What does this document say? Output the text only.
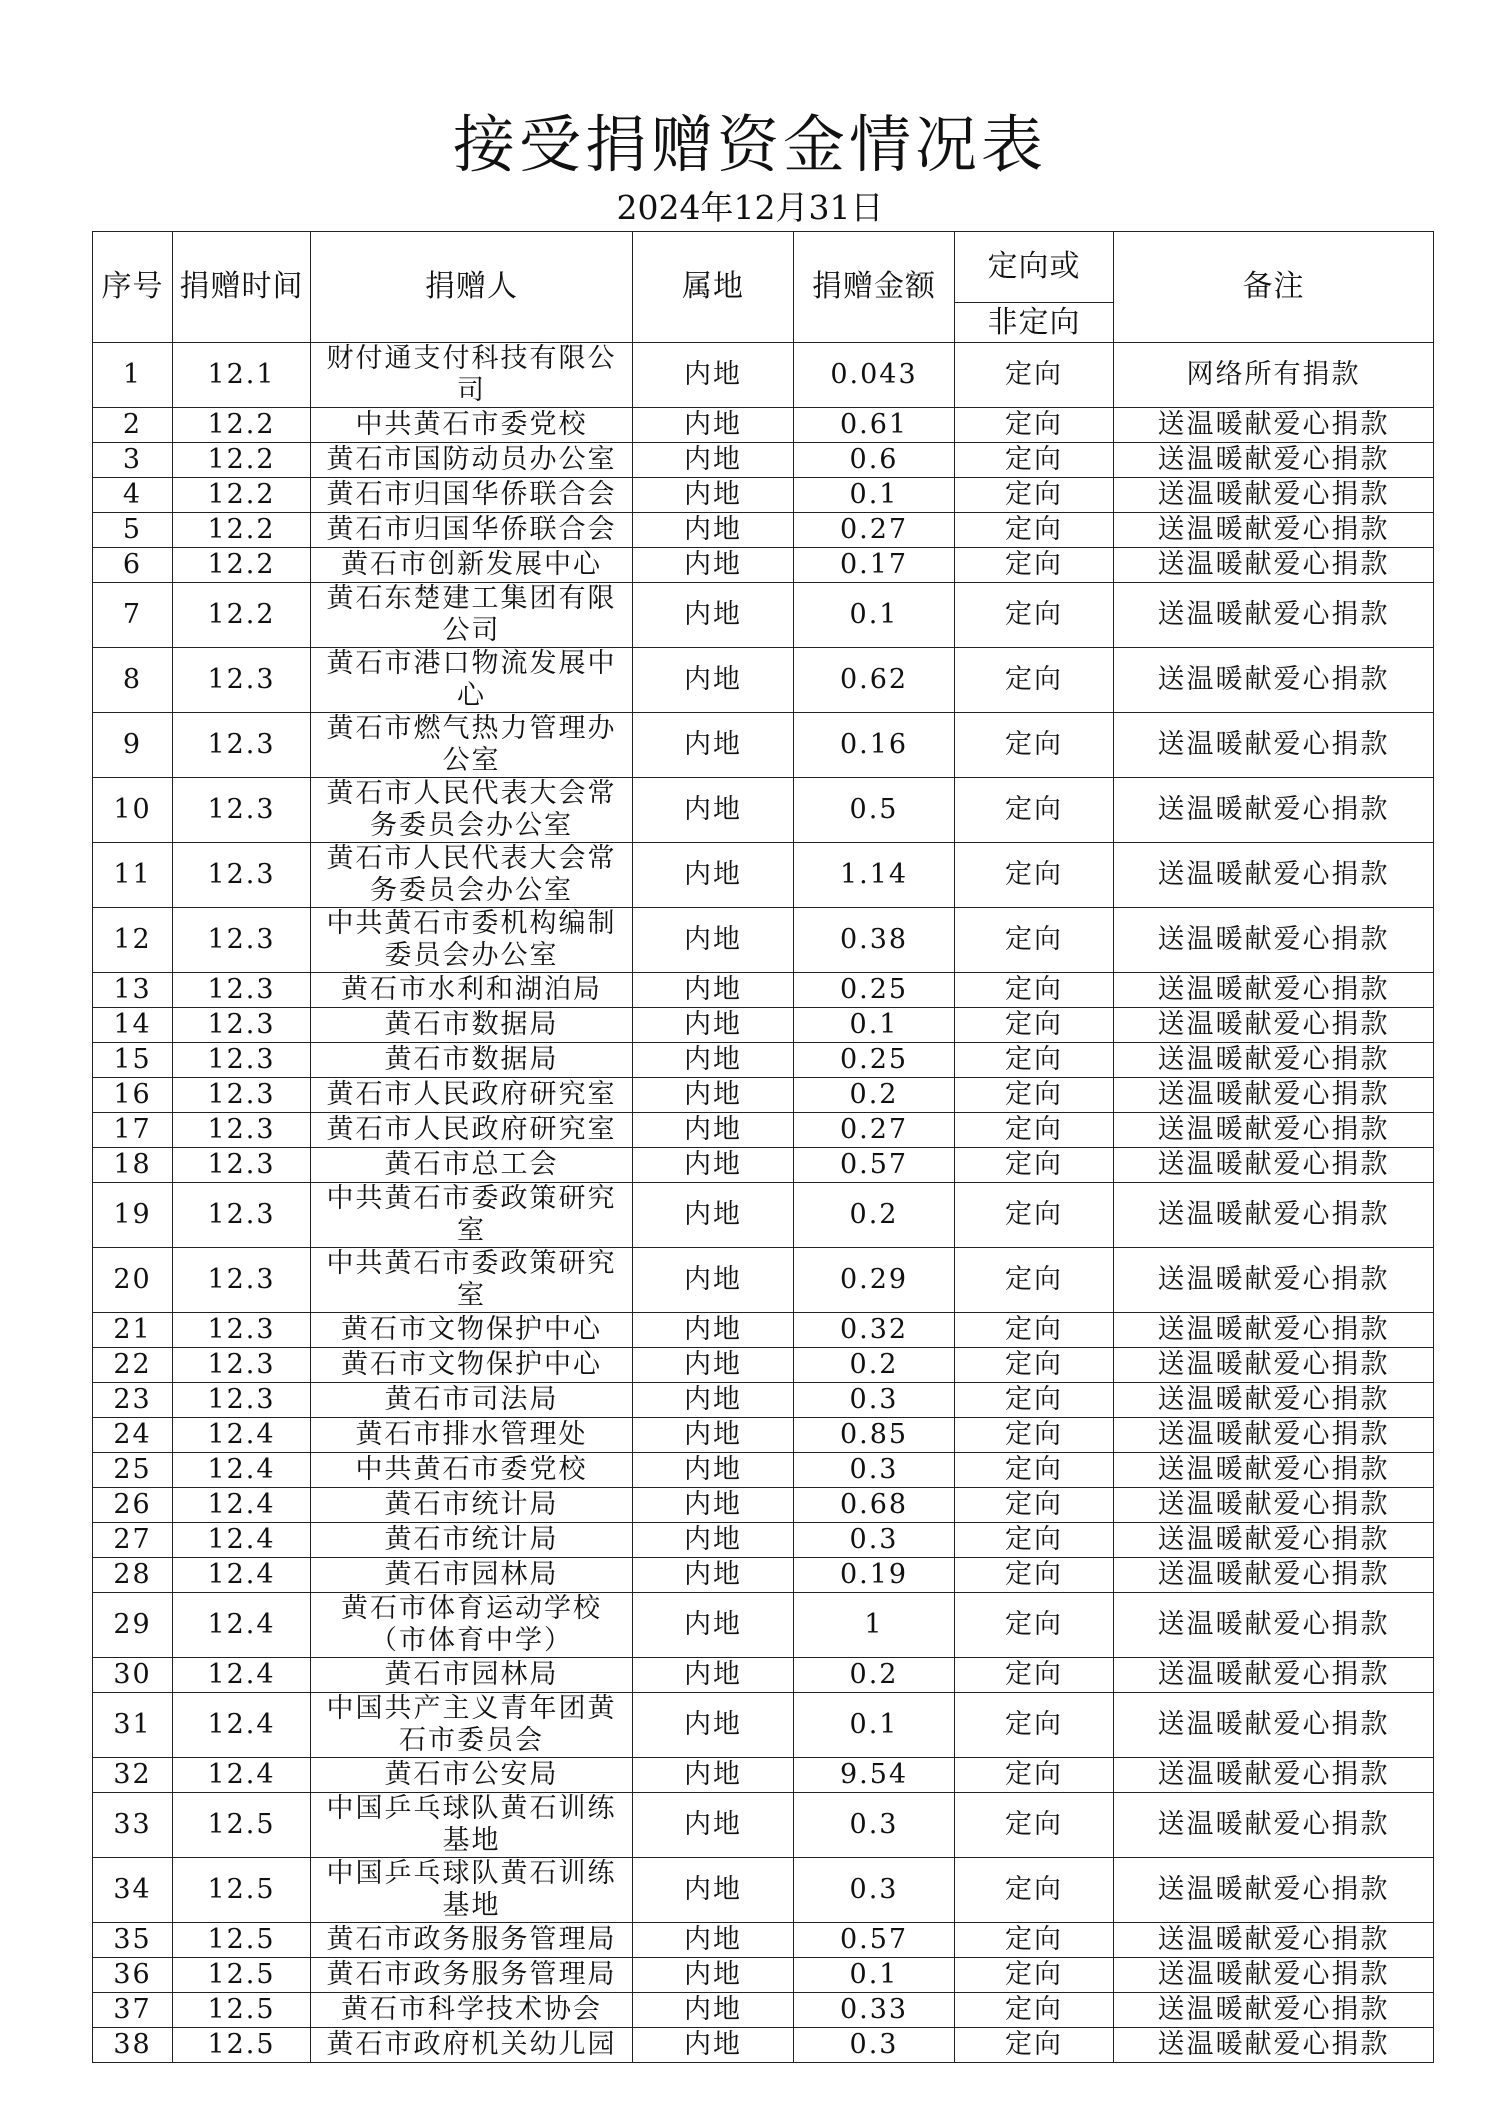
接受捐赠资金情况表
2024年12月31日
序号	捐赠时间	捐赠人	属地	捐赠金额	定向或	备注
					非定向	
1	12.1	财付通支付科技有限公司	内地	0.043	定向	网络所有捐款
2	12.2	中共黄石市委党校	内地	0.61	定向	送温暖献爱心捐款
3	12.2	黄石市国防动员办公室	内地	0.6	定向	送温暖献爱心捐款
4	12.2	黄石市归国华侨联合会	内地	0.1	定向	送温暖献爱心捐款
5	12.2	黄石市归国华侨联合会	内地	0.27	定向	送温暖献爱心捐款
6	12.2	黄石市创新发展中心	内地	0.17	定向	送温暖献爱心捐款
7	12.2	黄石东楚建工集团有限公司	内地	0.1	定向	送温暖献爱心捐款
8	12.3	黄石市港口物流发展中心	内地	0.62	定向	送温暖献爱心捐款
9	12.3	黄石市燃气热力管理办公室	内地	0.16	定向	送温暖献爱心捐款
10	12.3	黄石市人民代表大会常务委员会办公室	内地	0.5	定向	送温暖献爱心捐款
11	12.3	黄石市人民代表大会常务委员会办公室	内地	1.14	定向	送温暖献爱心捐款
12	12.3	中共黄石市委机构编制委员会办公室	内地	0.38	定向	送温暖献爱心捐款
13	12.3	黄石市水利和湖泊局	内地	0.25	定向	送温暖献爱心捐款
14	12.3	黄石市数据局	内地	0.1	定向	送温暖献爱心捐款
15	12.3	黄石市数据局	内地	0.25	定向	送温暖献爱心捐款
16	12.3	黄石市人民政府研究室	内地	0.2	定向	送温暖献爱心捐款
17	12.3	黄石市人民政府研究室	内地	0.27	定向	送温暖献爱心捐款
18	12.3	黄石市总工会	内地	0.57	定向	送温暖献爱心捐款
19	12.3	中共黄石市委政策研究室	内地	0.2	定向	送温暖献爱心捐款
20	12.3	中共黄石市委政策研究室	内地	0.29	定向	送温暖献爱心捐款
21	12.3	黄石市文物保护中心	内地	0.32	定向	送温暖献爱心捐款
22	12.3	黄石市文物保护中心	内地	0.2	定向	送温暖献爱心捐款
23	12.3	黄石市司法局	内地	0.3	定向	送温暖献爱心捐款
24	12.4	黄石市排水管理处	内地	0.85	定向	送温暖献爱心捐款
25	12.4	中共黄石市委党校	内地	0.3	定向	送温暖献爱心捐款
26	12.4	黄石市统计局	内地	0.68	定向	送温暖献爱心捐款
27	12.4	黄石市统计局	内地	0.3	定向	送温暖献爱心捐款
28	12.4	黄石市园林局	内地	0.19	定向	送温暖献爱心捐款
29	12.4	黄石市体育运动学校（市体育中学）	内地	1	定向	送温暖献爱心捐款
30	12.4	黄石市园林局	内地	0.2	定向	送温暖献爱心捐款
31	12.4	中国共产主义青年团黄石市委员会	内地	0.1	定向	送温暖献爱心捐款
32	12.4	黄石市公安局	内地	9.54	定向	送温暖献爱心捐款
33	12.5	中国乒乓球队黄石训练基地	内地	0.3	定向	送温暖献爱心捐款
34	12.5	中国乒乓球队黄石训练基地	内地	0.3	定向	送温暖献爱心捐款
35	12.5	黄石市政务服务管理局	内地	0.57	定向	送温暖献爱心捐款
36	12.5	黄石市政务服务管理局	内地	0.1	定向	送温暖献爱心捐款
37	12.5	黄石市科学技术协会	内地	0.33	定向	送温暖献爱心捐款
38	12.5	黄石市政府机关幼儿园	内地	0.3	定向	送温暖献爱心捐款
